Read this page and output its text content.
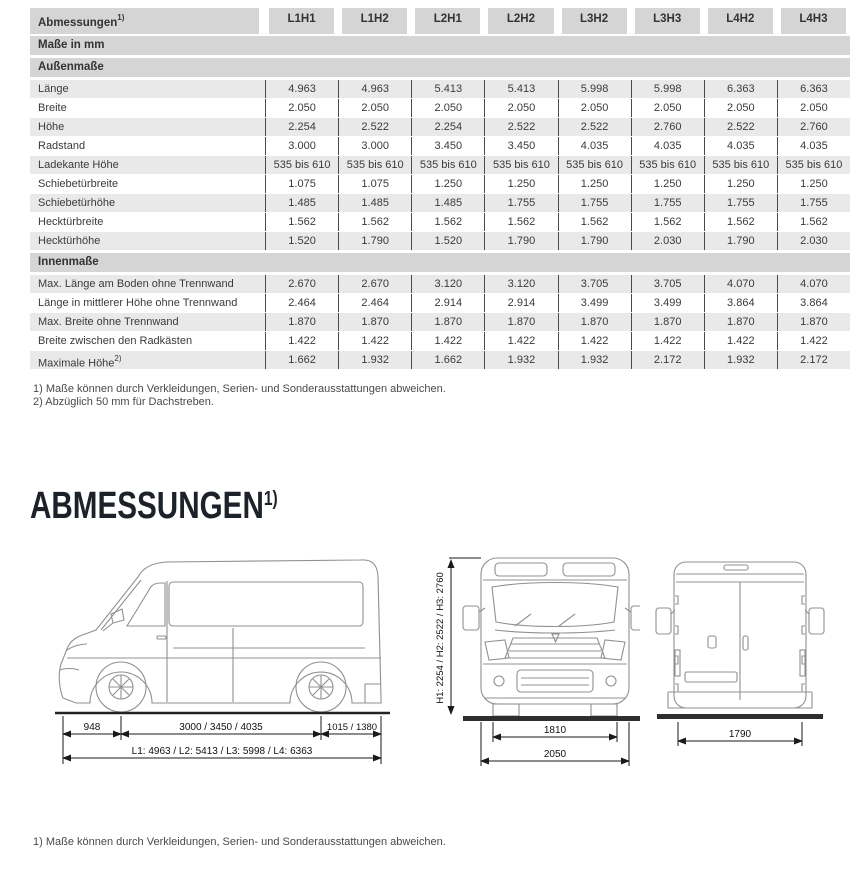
Abmessungen$^{1)}$	L1H1	L1H2	L2H1	L2H2	L3H2	L3H3	L4H2	L4H3
Maße in mm
Außenmaße
Länge	4.963	4.963	5.413	5.413	5.998	5.998	6.363	6.363
Breite	2.050	2.050	2.050	2.050	2.050	2.050	2.050	2.050
Höhe	2.254	2.522	2.254	2.522	2.522	2.760	2.522	2.760
Radstand	3.000	3.000	3.450	3.450	4.035	4.035	4.035	4.035
Ladekante Höhe	535 bis 610	535 bis 610	535 bis 610	535 bis 610	535 bis 610	535 bis 610	535 bis 610	535 bis 610
Schiebetürbreite	1.075	1.075	1.250	1.250	1.250	1.250	1.250	1.250
Schiebetürhöhe	1.485	1.485	1.485	1.755	1.755	1.755	1.755	1.755
Hecktürbreite	1.562	1.562	1.562	1.562	1.562	1.562	1.562	1.562
Hecktürhöhe	1.520	1.790	1.520	1.790	1.790	2.030	1.790	2.030
Innenmaße
Max. Länge am Boden ohne Trennwand	2.670	2.670	3.120	3.120	3.705	3.705	4.070	4.070
Länge in mittlerer Höhe ohne Trennwand	2.464	2.464	2.914	2.914	3.499	3.499	3.864	3.864
Max. Breite ohne Trennwand	1.870	1.870	1.870	1.870	1.870	1.870	1.870	1.870
Breite zwischen den Radkästen	1.422	1.422	1.422	1.422	1.422	1.422	1.422	1.422
Maximale Höhe$^{2)}$	1.662	1.932	1.662	1.932	1.932	2.172	1.932	2.172
1) Maße können durch Verkleidungen, Serien- und Sonderausstattungen abweichen.
2) Abzüglich 50 mm für Dachstreben.
ABMESSUNGEN$^{1)}$
948	3000 / 3450 / 4035	1015 / 1380
L1: 4963 / L2: 5413 / L3: 5998 / L4: 6363
H1: 2254 / H2: 2522 / H3: 2760
1810
2050
1790
1) Maße können durch Verkleidungen, Serien- und Sonderausstattungen abweichen.
